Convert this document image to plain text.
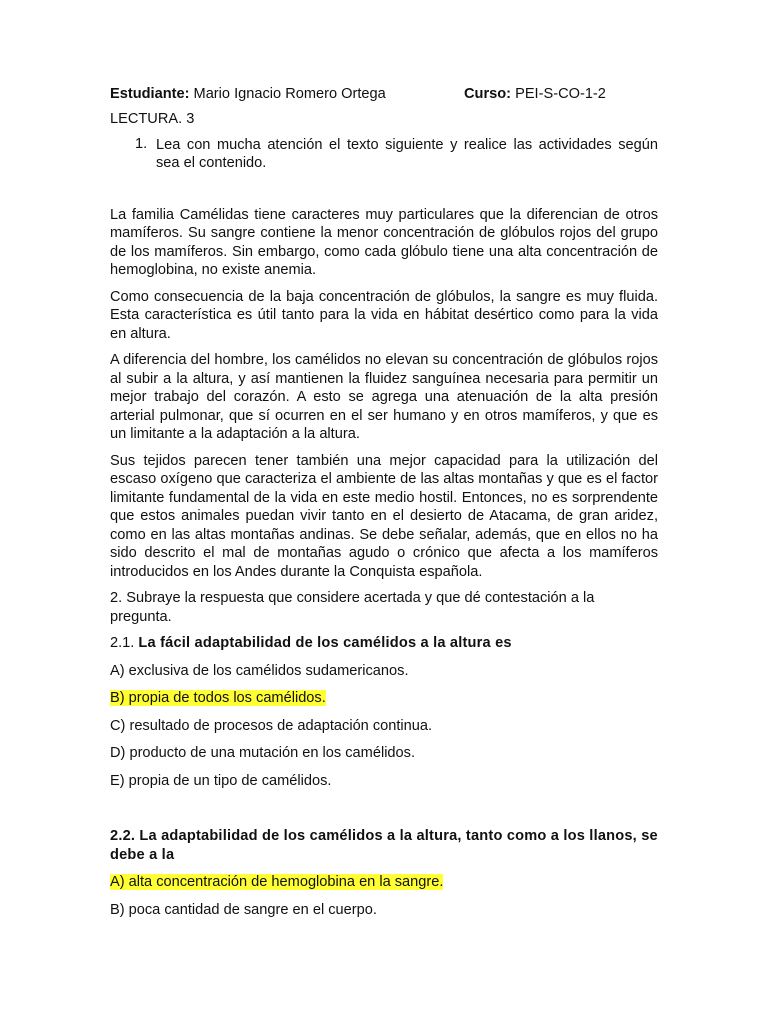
Estudiante: Mario Ignacio Romero Ortega	Curso: PEI-S-CO-1-2

LECTURA. 3

1. Lea con mucha atención el texto siguiente y realice las actividades según sea el contenido.

La familia Camélidas tiene caracteres muy particulares que la diferencian de otros mamíferos. Su sangre contiene la menor concentración de glóbulos rojos del grupo de los mamíferos. Sin embargo, como cada glóbulo tiene una alta concentración de hemoglobina, no existe anemia.

Como consecuencia de la baja concentración de glóbulos, la sangre es muy fluida. Esta característica es útil tanto para la vida en hábitat desértico como para la vida en altura.

A diferencia del hombre, los camélidos no elevan su concentración de glóbulos rojos al subir a la altura, y así mantienen la fluidez sanguínea necesaria para permitir un mejor trabajo del corazón. A esto se agrega una atenuación de la alta presión arterial pulmonar, que sí ocurren en el ser humano y en otros mamíferos, y que es un limitante a la adaptación a la altura.

Sus tejidos parecen tener también una mejor capacidad para la utilización del escaso oxígeno que caracteriza el ambiente de las altas montañas y que es el factor limitante fundamental de la vida en este medio hostil. Entonces, no es sorprendente que estos animales puedan vivir tanto en el desierto de Atacama, de gran aridez, como en las altas montañas andinas. Se debe señalar, además, que en ellos no ha sido descrito el mal de montañas agudo o crónico que afecta a los mamíferos introducidos en los Andes durante la Conquista española.

2. Subraye la respuesta que considere acertada y que dé contestación a la pregunta.

2.1. La fácil adaptabilidad de los camélidos a la altura es

A) exclusiva de los camélidos sudamericanos.

B) propia de todos los camélidos.

C) resultado de procesos de adaptación continua.

D) producto de una mutación en los camélidos.

E) propia de un tipo de camélidos.

2.2. La adaptabilidad de los camélidos a la altura, tanto como a los llanos, se debe a la

A) alta concentración de hemoglobina en la sangre.

B) poca cantidad de sangre en el cuerpo.
